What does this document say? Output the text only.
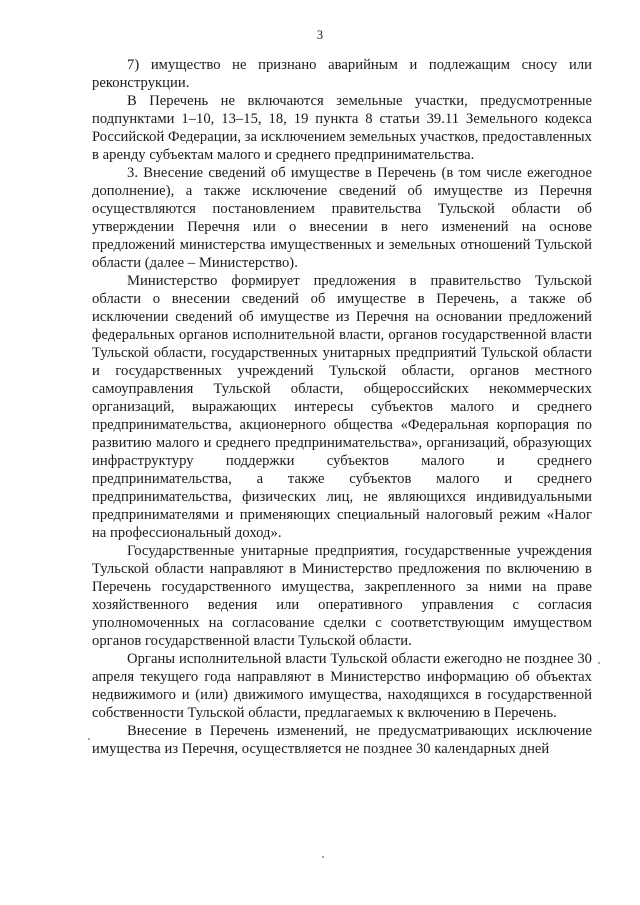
3

7) имущество не признано аварийным и подлежащим сносу или реконструкции.

В Перечень не включаются земельные участки, предусмотренные подпунктами 1–10, 13–15, 18, 19 пункта 8 статьи 39.11 Земельного кодекса Российской Федерации, за исключением земельных участков, предоставленных в аренду субъектам малого и среднего предпринимательства.

3. Внесение сведений об имуществе в Перечень (в том числе ежегодное дополнение), а также исключение сведений об имуществе из Перечня осуществляются постановлением правительства Тульской области об утверждении Перечня или о внесении в него изменений на основе предложений министерства имущественных и земельных отношений Тульской области (далее – Министерство).

Министерство формирует предложения в правительство Тульской области о внесении сведений об имуществе в Перечень, а также об исключении сведений об имуществе из Перечня на основании предложений федеральных органов исполнительной власти, органов государственной власти Тульской области, государственных унитарных предприятий Тульской области и государственных учреждений Тульской области, органов местного самоуправления Тульской области, общероссийских некоммерческих организаций, выражающих интересы субъектов малого и среднего предпринимательства, акционерного общества «Федеральная корпорация по развитию малого и среднего предпринимательства», организаций, образующих инфраструктуру поддержки субъектов малого и среднего предпринимательства, а также субъектов малого и среднего предпринимательства, физических лиц, не являющихся индивидуальными предпринимателями и применяющих специальный налоговый режим «Налог на профессиональный доход».

Государственные унитарные предприятия, государственные учреждения Тульской области направляют в Министерство предложения по включению в Перечень государственного имущества, закрепленного за ними на праве хозяйственного ведения или оперативного управления с согласия уполномоченных на согласование сделки с соответствующим имуществом органов государственной власти Тульской области.

Органы исполнительной власти Тульской области ежегодно не позднее 30 апреля текущего года направляют в Министерство информацию об объектах недвижимого и (или) движимого имущества, находящихся в государственной собственности Тульской области, предлагаемых к включению в Перечень.

Внесение в Перечень изменений, не предусматривающих исключение имущества из Перечня, осуществляется не позднее 30 календарных дней
